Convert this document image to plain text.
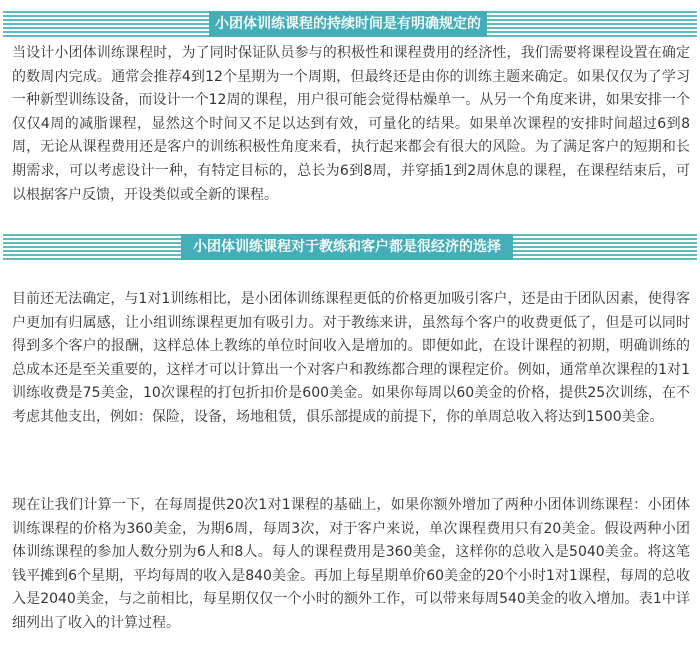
小团体训练课程的持续时间是有明确规定的

当设计小团体训练课程时，为了同时保证队员参与的积极性和课程费用的经济性，我们需要将课程设置在确定的数周内完成。通常会推荐4到12个星期为一个周期，但最终还是由你的训练主题来确定。如果仅仅为了学习一种新型训练设备，而设计一个12周的课程，用户很可能会觉得枯燥单一。从另一个角度来讲，如果安排一个仅仅4周的减脂课程，显然这个时间又不足以达到有效，可量化的结果。如果单次课程的安排时间超过6到8周，无论从课程费用还是客户的训练积极性角度来看，执行起来都会有很大的风险。为了满足客户的短期和长期需求，可以考虑设计一种，有特定目标的，总长为6到8周，并穿插1到2周休息的课程，在课程结束后，可以根据客户反馈，开设类似或全新的课程。

小团体训练课程对于教练和客户都是很经济的选择

目前还无法确定，与1对1训练相比，是小团体训练课程更低的价格更加吸引客户，还是由于团队因素，使得客户更加有归属感，让小组训练课程更加有吸引力。对于教练来讲，虽然每个客户的收费更低了，但是可以同时得到多个客户的报酬，这样总体上教练的单位时间收入是增加的。即便如此，在设计课程的初期，明确训练的总成本还是至关重要的，这样才可以计算出一个对客户和教练都合理的课程定价。例如，通常单次课程的1对1训练收费是75美金，10次课程的打包折扣价是600美金。如果你每周以60美金的价格，提供25次训练，在不考虑其他支出，例如：保险，设备，场地租赁，俱乐部提成的前提下，你的单周总收入将达到1500美金。

现在让我们计算一下，在每周提供20次1对1课程的基础上，如果你额外增加了两种小团体训练课程：小团体训练课程的价格为360美金，为期6周，每周3次，对于客户来说，单次课程费用只有20美金。假设两种小团体训练课程的参加人数分别为6人和8人。每人的课程费用是360美金，这样你的总收入是5040美金。将这笔钱平摊到6个星期，平均每周的收入是840美金。再加上每星期单价60美金的20个小时1对1课程，每周的总收入是2040美金，与之前相比，每星期仅仅一个小时的额外工作，可以带来每周540美金的收入增加。表1中详细列出了收入的计算过程。
